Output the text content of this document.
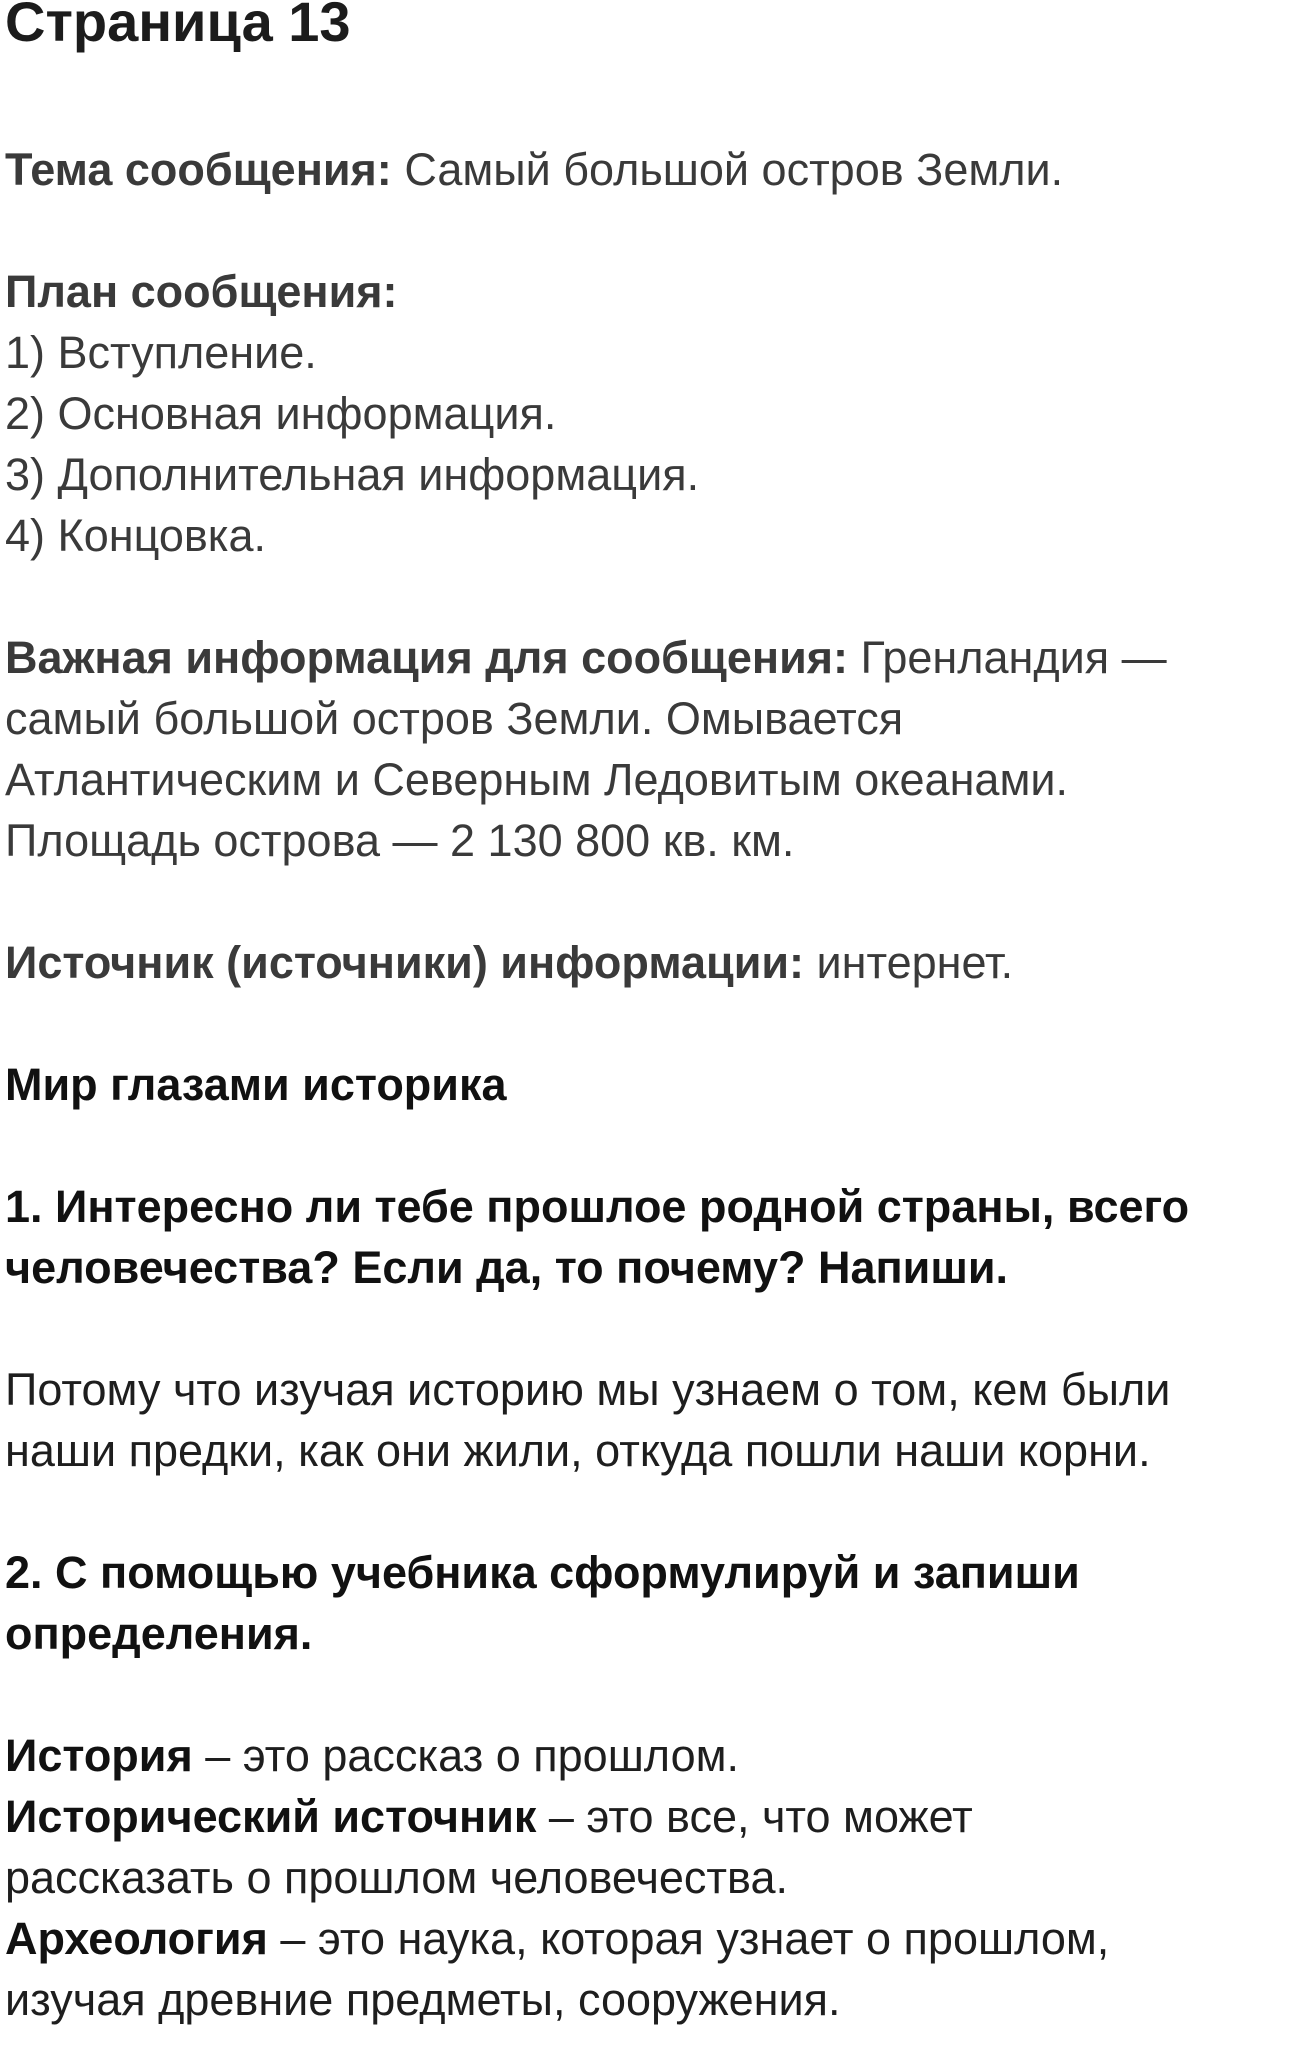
Страница 13
Тема сообщения: Самый большой остров Земли.
План сообщения:
1) Вступление.
2) Основная информация.
3) Дополнительная информация.
4) Концовка.
Важная информация для сообщения: Гренландия —
самый большой остров Земли. Омывается
Атлантическим и Северным Ледовитым океанами.
Площадь острова — 2 130 800 кв. км.
Источник (источники) информации: интернет.
Мир глазами историка
1. Интересно ли тебе прошлое родной страны, всего
человечества? Если да, то почему? Напиши.
Потому что изучая историю мы узнаем о том, кем были
наши предки, как они жили, откуда пошли наши корни.
2. С помощью учебника сформулируй и запиши
определения.
История – это рассказ о прошлом.
Исторический источник – это все, что может
рассказать о прошлом человечества.
Археология – это наука, которая узнает о прошлом,
изучая древние предметы, сооружения.
